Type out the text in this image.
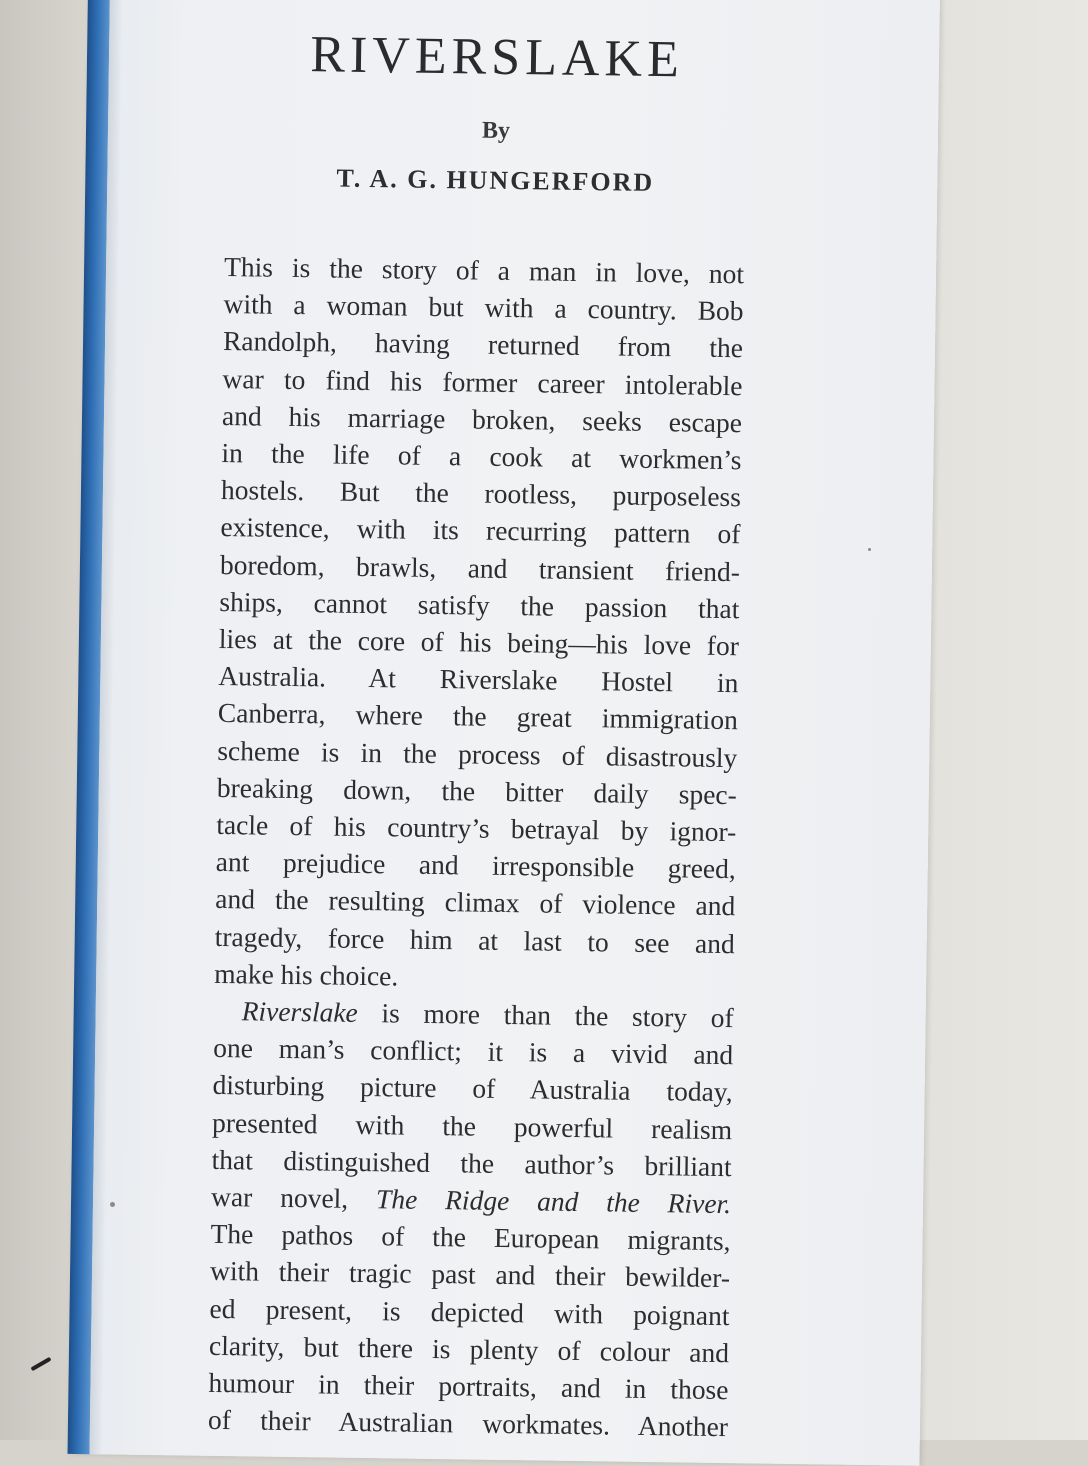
RIVERSLAKE
By
T. A. G. HUNGERFORD
This is the story of a man in love, not
with a woman but with a country. Bob
Randolph, having returned from the
war to find his former career intolerable
and his marriage broken, seeks escape
in the life of a cook at workmen’s
hostels. But the rootless, purposeless
existence, with its recurring pattern of
boredom, brawls, and transient friend-
ships, cannot satisfy the passion that
lies at the core of his being—his love for
Australia. At Riverslake Hostel in
Canberra, where the great immigration
scheme is in the process of disastrously
breaking down, the bitter daily spec-
tacle of his country’s betrayal by ignor-
ant prejudice and irresponsible greed,
and the resulting climax of violence and
tragedy, force him at last to see and
make his choice.
Riverslake is more than the story of
one man’s conflict; it is a vivid and
disturbing picture of Australia today,
presented with the powerful realism
that distinguished the author’s brilliant
war novel, The Ridge and the River.
The pathos of the European migrants,
with their tragic past and their bewilder-
ed present, is depicted with poignant
clarity, but there is plenty of colour and
humour in their portraits, and in those
of their Australian workmates. Another
